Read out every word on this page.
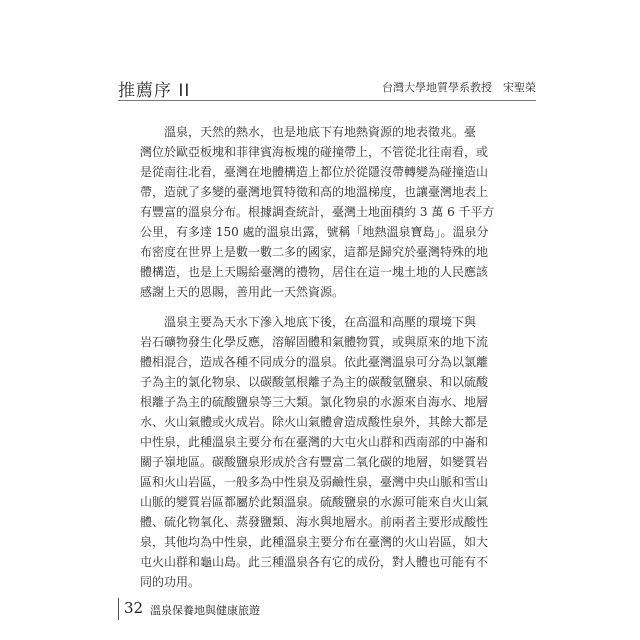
推薦序 II	台灣大學地質學系教授　宋聖榮

　　溫泉，天然的熱水，也是地底下有地熱資源的地表徵兆。臺
灣位於歐亞板塊和菲律賓海板塊的碰撞帶上，不管從北往南看，或
是從南往北看，臺灣在地體構造上都位於從隱沒帶轉變為碰撞造山
帶，造就了多變的臺灣地質特徵和高的地溫梯度，也讓臺灣地表上
有豐富的溫泉分布。根據調查統計，臺灣土地面積約 3 萬 6 千平方
公里，有多達 150 處的溫泉出露，號稱「地熱溫泉寶島」。溫泉分
布密度在世界上是數一數二多的國家，這都是歸究於臺灣特殊的地
體構造，也是上天賜給臺灣的禮物，居住在這一塊土地的人民應該
感謝上天的恩賜，善用此一天然資源。

　　溫泉主要為天水下滲入地底下後，在高溫和高壓的環境下與
岩石礦物發生化學反應，溶解固體和氣體物質，或與原來的地下流
體相混合，造成各種不同成分的溫泉。依此臺灣溫泉可分為以氯離
子為主的氯化物泉、以碳酸氫根離子為主的碳酸氫鹽泉、和以硫酸
根離子為主的硫酸鹽泉等三大類。氯化物泉的水源來自海水、地層
水、火山氣體或火成岩。除火山氣體會造成酸性泉外，其餘大都是
中性泉，此種溫泉主要分布在臺灣的大屯火山群和西南部的中崙和
關子嶺地區。碳酸鹽泉形成於含有豐富二氧化碳的地層，如變質岩
區和火山岩區，一般多為中性泉及弱鹼性泉，臺灣中央山脈和雪山
山脈的變質岩區都屬於此類溫泉。硫酸鹽泉的水源可能來自火山氣
體、硫化物氧化、蒸發鹽類、海水與地層水。前兩者主要形成酸性
泉，其他均為中性泉，此種溫泉主要分布在臺灣的火山岩區，如大
屯火山群和龜山島。此三種溫泉各有它的成份，對人體也可能有不
同的功用。

32 溫泉保養地與健康旅遊
